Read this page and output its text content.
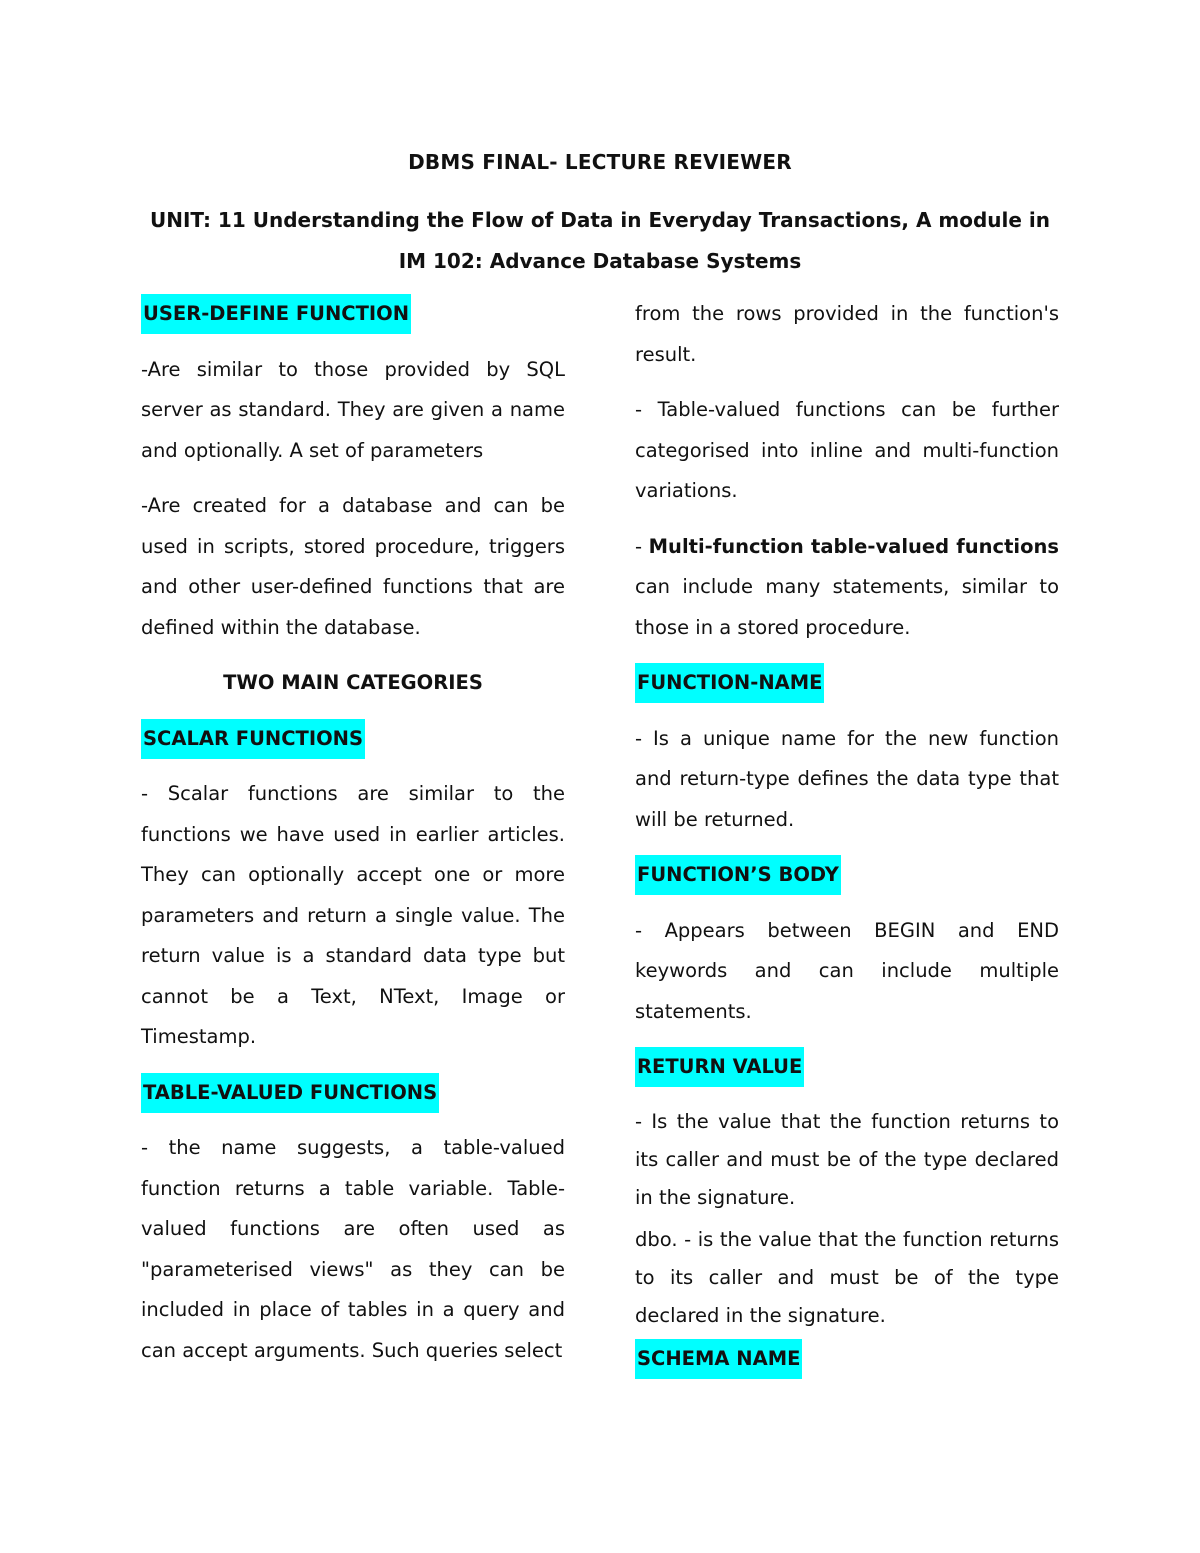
DBMS FINAL- LECTURE REVIEWER
UNIT: 11 Understanding the Flow of Data in Everyday Transactions, A module in IM 102: Advance Database Systems
USER-DEFINE FUNCTION

-Are similar to those provided by SQL server as standard. They are given a name and optionally. A set of parameters

-Are created for a database and can be used in scripts, stored procedure, triggers and other user-defined functions that are defined within the database.

TWO MAIN CATEGORIES
SCALAR FUNCTIONS

- Scalar functions are similar to the functions we have used in earlier articles. They can optionally accept one or more parameters and return a single value. The return value is a standard data type but cannot be a Text, NText, Image or Timestamp.

TABLE-VALUED FUNCTIONS

- the name suggests, a table-valued function returns a table variable. Table-valued functions are often used as "parameterised views" as they can be included in place of tables in a query and can accept arguments. Such queries select

from the rows provided in the function's result.

- Table-valued functions can be further categorised into inline and multi-function variations.

- Multi-function table-valued functions can include many statements, similar to those in a stored procedure.

FUNCTION-NAME

- Is a unique name for the new function and return-type defines the data type that will be returned.

FUNCTION’S BODY

- Appears between BEGIN and END keywords and can include multiple statements.

RETURN VALUE

- Is the value that the function returns to its caller and must be of the type declared in the signature.

dbo. - is the value that the function returns to its caller and must be of the type declared in the signature.

SCHEMA NAME
